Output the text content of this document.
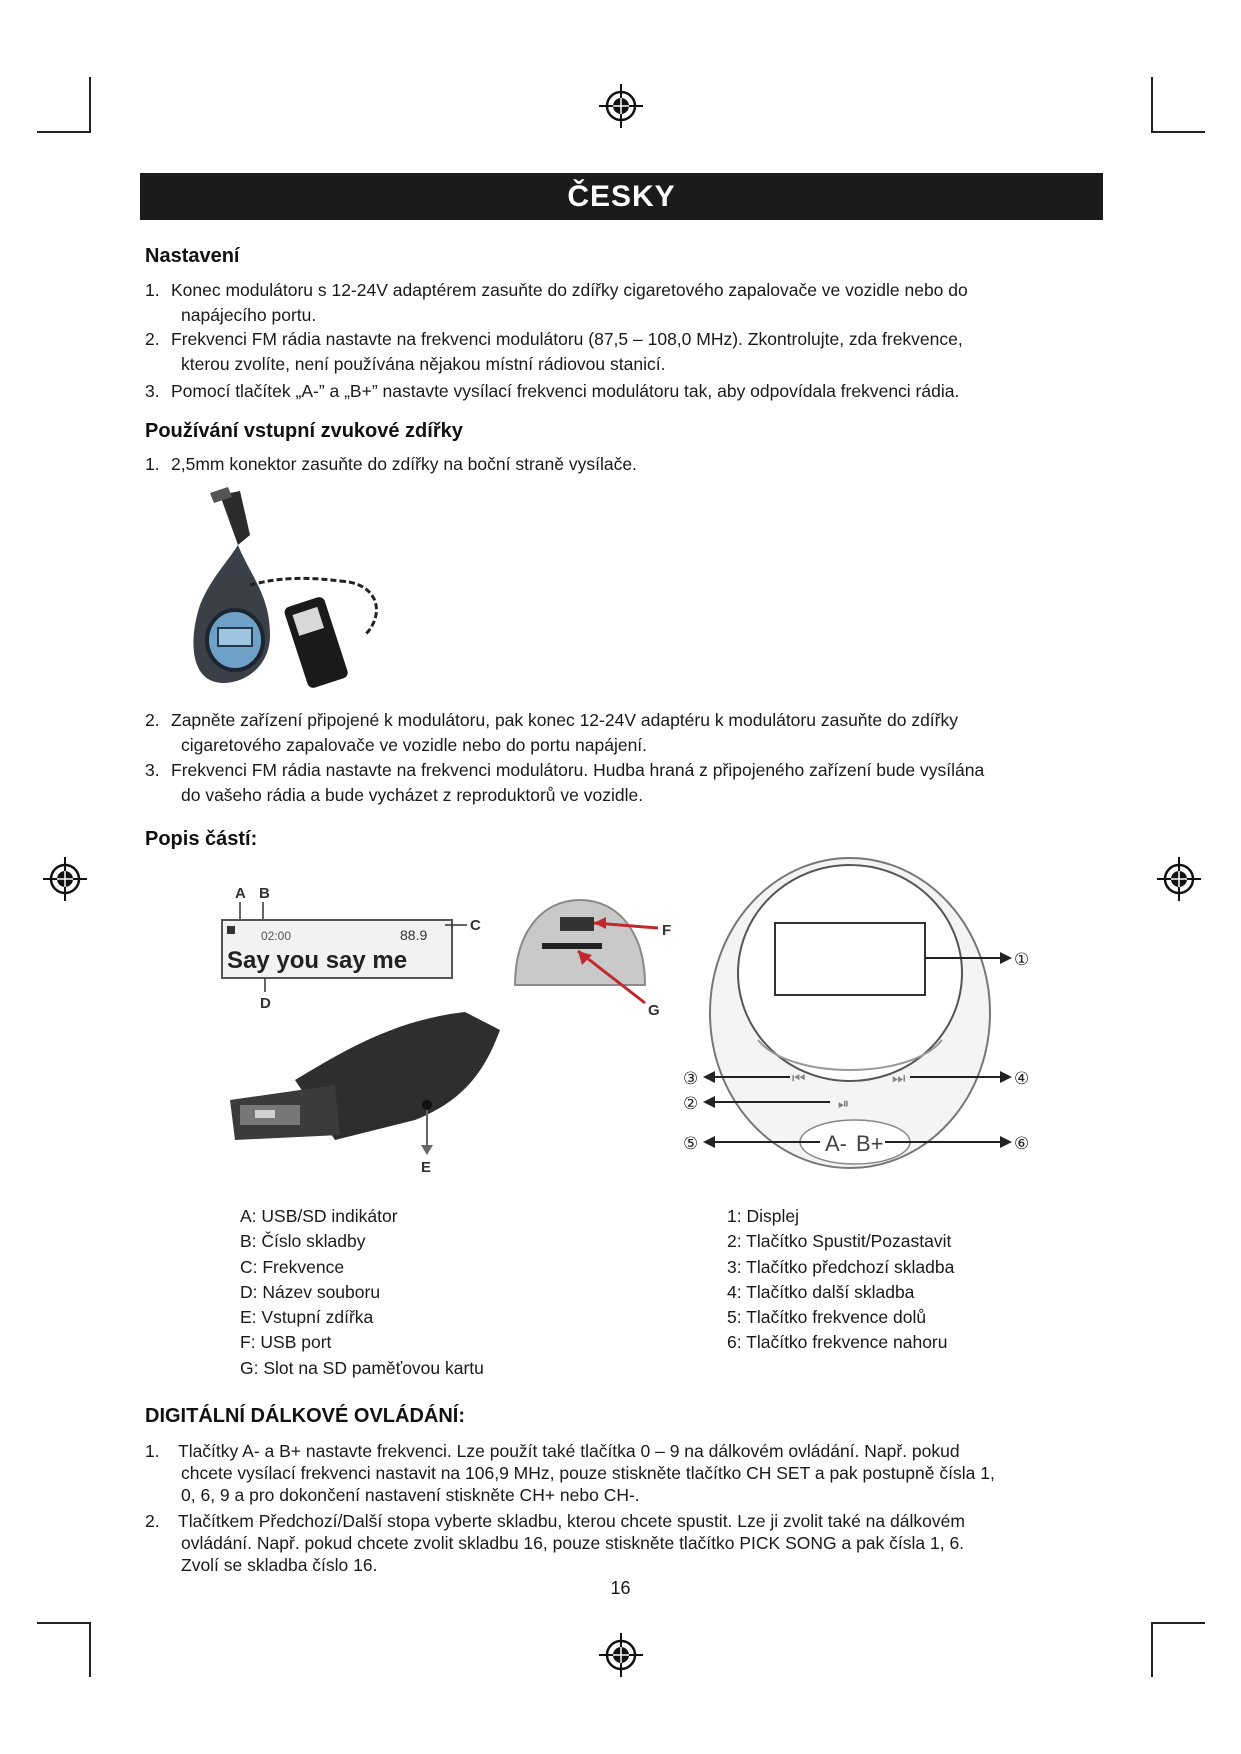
ČESKY
Nastavení
1. Konec modulátoru s 12-24V adaptérem zasuňte do zdířky cigaretového zapalovače ve vozidle nebo do
napájecího portu.
2. Frekvenci FM rádia nastavte na frekvenci modulátoru (87,5 – 108,0 MHz). Zkontrolujte, zda frekvence,
kterou zvolíte, není používána nějakou místní rádiovou stanicí.
3. Pomocí tlačítek „A-” a „B+” nastavte vysílací frekvenci modulátoru tak, aby odpovídala frekvenci rádia.
Používání vstupní zvukové zdířky
1. 2,5mm konektor zasuňte do zdířky na boční straně vysílače.
2. Zapněte zařízení připojené k modulátoru, pak konec 12-24V adaptéru k modulátoru zasuňte do zdířky
cigaretového zapalovače ve vozidle nebo do portu napájení.
3. Frekvenci FM rádia nastavte na frekvenci modulátoru. Hudba hraná z připojeného zařízení bude vysílána
do vašeho rádia a bude vycházet z reproduktorů ve vozidle.
Popis částí:
A B
02:00	88.9
Say you say me
C
D
F
G
E
①
③	⏮	④
⏭
②	⏯
⑤	A- B+	⑥
A: USB/SD indikátor
B: Číslo skladby
C: Frekvence
D: Název souboru
E: Vstupní zdířka
F: USB port
G: Slot na SD paměťovou kartu
1: Displej
2: Tlačítko Spustit/Pozastavit
3: Tlačítko předchozí skladba
4: Tlačítko další skladba
5: Tlačítko frekvence dolů
6: Tlačítko frekvence nahoru
DIGITÁLNÍ DÁLKOVÉ OVLÁDÁNÍ:
1. Tlačítky A- a B+ nastavte frekvenci. Lze použít také tlačítka 0 – 9 na dálkovém ovládání. Např. pokud
chcete vysílací frekvenci nastavit na 106,9 MHz, pouze stiskněte tlačítko CH SET a pak postupně čísla 1,
0, 6, 9 a pro dokončení nastavení stiskněte CH+ nebo CH-.
2. Tlačítkem Předchozí/Další stopa vyberte skladbu, kterou chcete spustit. Lze ji zvolit také na dálkovém
ovládání. Např. pokud chcete zvolit skladbu 16, pouze stiskněte tlačítko PICK SONG a pak čísla 1, 6.
Zvolí se skladba číslo 16.
16
